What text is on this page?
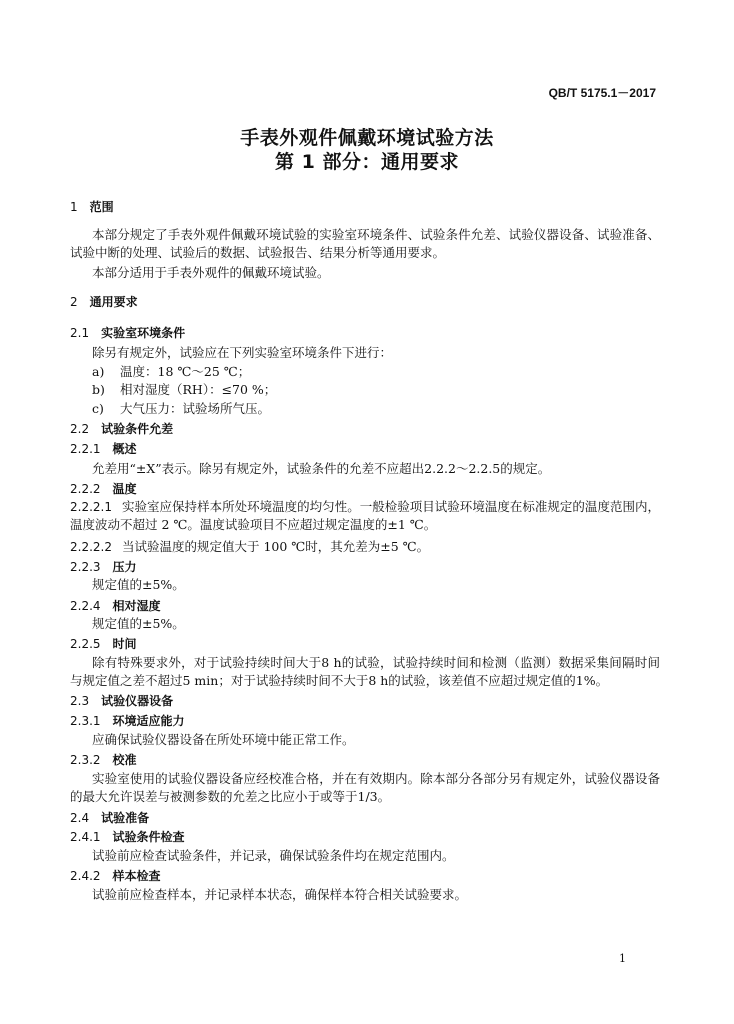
QB/T 5175.1－2017
手表外观件佩戴环境试验方法
第 1 部分：通用要求
1 范围
本部分规定了手表外观件佩戴环境试验的实验室环境条件、试验条件允差、试验仪器设备、试验准备、试验中断的处理、试验后的数据、试验报告、结果分析等通用要求。
本部分适用于手表外观件的佩戴环境试验。
2 通用要求
2.1 实验室环境条件
除另有规定外，试验应在下列实验室环境条件下进行：
a) 温度：18 ℃～25 ℃；
b) 相对湿度（RH）：≤70 %；
c) 大气压力：试验场所气压。
2.2 试验条件允差
2.2.1 概述
允差用“±X”表示。除另有规定外，试验条件的允差不应超出2.2.2～2.2.5的规定。
2.2.2 温度
2.2.2.1 实验室应保持样本所处环境温度的均匀性。一般检验项目试验环境温度在标准规定的温度范围内，温度波动不超过 2 ℃。温度试验项目不应超过规定温度的±1 ℃。
2.2.2.2 当试验温度的规定值大于 100 ℃时，其允差为±5 ℃。
2.2.3 压力
规定值的±5%。
2.2.4 相对湿度
规定值的±5%。
2.2.5 时间
除有特殊要求外，对于试验持续时间大于8 h的试验，试验持续时间和检测（监测）数据采集间隔时间与规定值之差不超过5 min；对于试验持续时间不大于8 h的试验，该差值不应超过规定值的1%。
2.3 试验仪器设备
2.3.1 环境适应能力
应确保试验仪器设备在所处环境中能正常工作。
2.3.2 校准
实验室使用的试验仪器设备应经校准合格，并在有效期内。除本部分各部分另有规定外，试验仪器设备的最大允许误差与被测参数的允差之比应小于或等于1/3。
2.4 试验准备
2.4.1 试验条件检查
试验前应检查试验条件，并记录，确保试验条件均在规定范围内。
2.4.2 样本检查
试验前应检查样本，并记录样本状态，确保样本符合相关试验要求。
1
